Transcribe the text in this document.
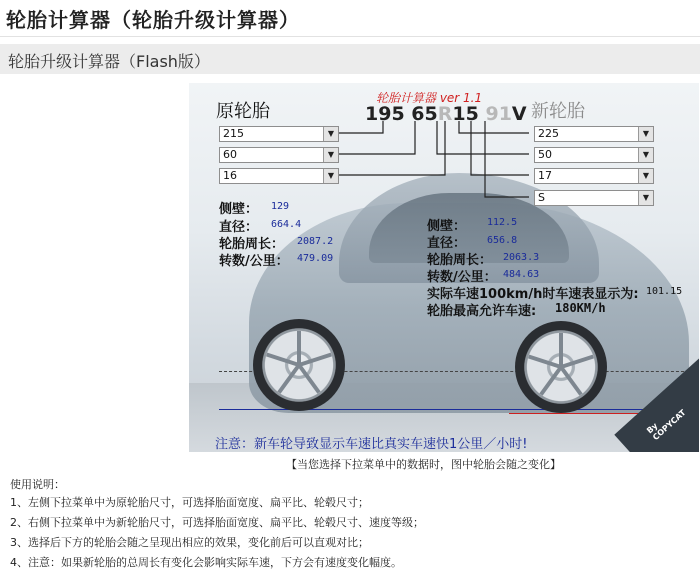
轮胎计算器（轮胎升级计算器）
轮胎升级计算器（Flash版）
轮胎计算器 ver 1.1
原轮胎	新轮胎
195 65R15 91V
215	▼
60	▼
16	▼
225	▼
50	▼
17	▼
S	▼
侧壁： 129
直径： 664.4
轮胎周长： 2087.2
转数/公里： 479.09
侧壁： 112.5
直径： 656.8
轮胎周长： 2063.3
转数/公里： 484.63
实际车速100km/h时车速表显示为: 101.15
轮胎最高允许车速: 180KM/h
注意：新车轮导致显示车速比真实车速快1公里／小时!
By COPYCAT
【当您选择下拉菜单中的数据时，图中轮胎会随之变化】
使用说明：
1、左侧下拉菜单中为原轮胎尺寸，可选择胎面宽度、扁平比、轮毂尺寸；
2、右侧下拉菜单中为新轮胎尺寸，可选择胎面宽度、扁平比、轮毂尺寸、速度等级；
3、选择后下方的轮胎会随之呈现出相应的效果，变化前后可以直观对比；
4、注意：如果新轮胎的总周长有变化会影响实际车速，下方会有速度变化幅度。
